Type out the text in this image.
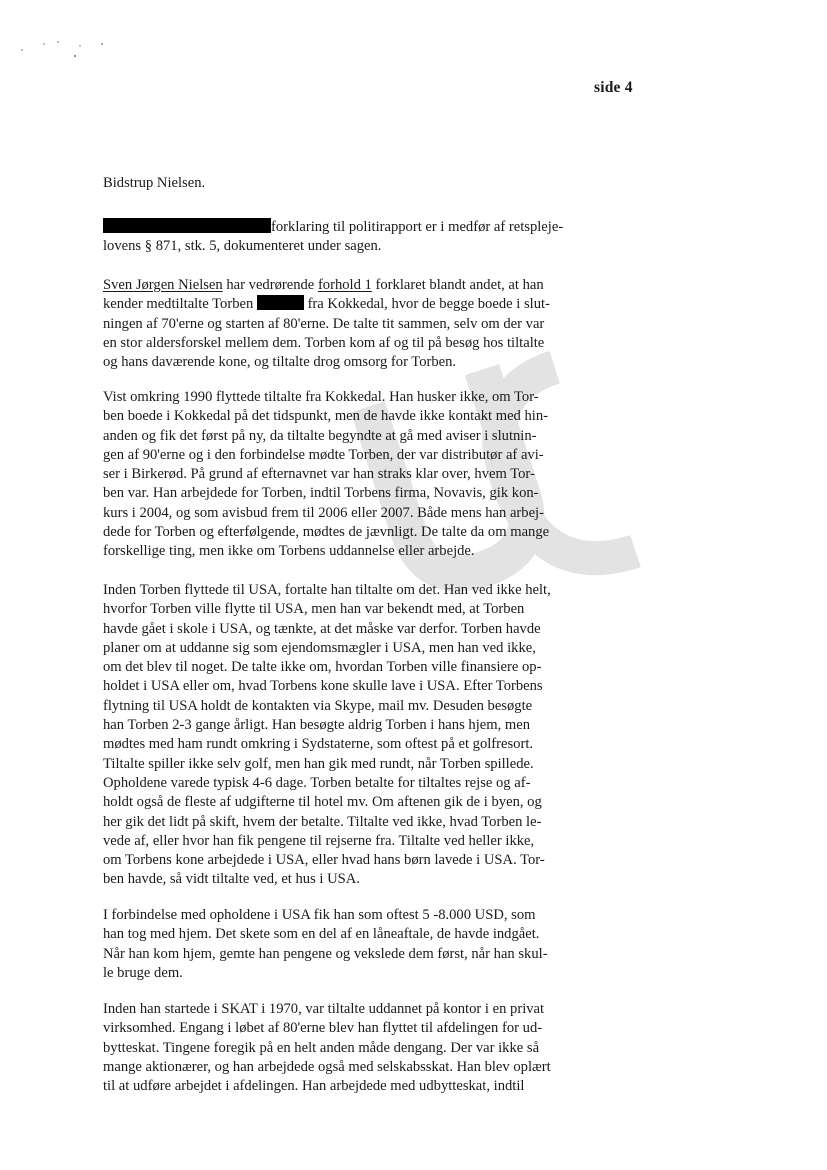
side 4
Bidstrup Nielsen.
forklaring til politirapport er i medfør af retspleje-
lovens § 871, stk. 5, dokumenteret under sagen.
Sven Jørgen Nielsen har vedrørende forhold 1 forklaret blandt andet, at han
kender medtiltalte Torben	fra Kokkedal, hvor de begge boede i slut-
ningen af 70'erne og starten af 80'erne. De talte tit sammen, selv om der var
en stor aldersforskel mellem dem. Torben kom af og til på besøg hos tiltalte
og hans daværende kone, og tiltalte drog omsorg for Torben.
Vist omkring 1990 flyttede tiltalte fra Kokkedal. Han husker ikke, om Tor-
ben boede i Kokkedal på det tidspunkt, men de havde ikke kontakt med hin-
anden og fik det først på ny, da tiltalte begyndte at gå med aviser i slutnin-
gen af 90'erne og i den forbindelse mødte Torben, der var distributør af avi-
ser i Birkerød. På grund af efternavnet var han straks klar over, hvem Tor-
ben var. Han arbejdede for Torben, indtil Torbens firma, Novavis, gik kon-
kurs i 2004, og som avisbud frem til 2006 eller 2007. Både mens han arbej-
dede for Torben og efterfølgende, mødtes de jævnligt. De talte da om mange
forskellige ting, men ikke om Torbens uddannelse eller arbejde.
Inden Torben flyttede til USA, fortalte han tiltalte om det. Han ved ikke helt,
hvorfor Torben ville flytte til USA, men han var bekendt med, at Torben
havde gået i skole i USA, og tænkte, at det måske var derfor. Torben havde
planer om at uddanne sig som ejendomsmægler i USA, men han ved ikke,
om det blev til noget. De talte ikke om, hvordan Torben ville finansiere op-
holdet i USA eller om, hvad Torbens kone skulle lave i USA. Efter Torbens
flytning til USA holdt de kontakten via Skype, mail mv. Desuden besøgte
han Torben 2-3 gange årligt. Han besøgte aldrig Torben i hans hjem, men
mødtes med ham rundt omkring i Sydstaterne, som oftest på et golfresort.
Tiltalte spiller ikke selv golf, men han gik med rundt, når Torben spillede.
Opholdene varede typisk 4-6 dage. Torben betalte for tiltaltes rejse og af-
holdt også de fleste af udgifterne til hotel mv. Om aftenen gik de i byen, og
her gik det lidt på skift, hvem der betalte. Tiltalte ved ikke, hvad Torben le-
vede af, eller hvor han fik pengene til rejserne fra. Tiltalte ved heller ikke,
om Torbens kone arbejdede i USA, eller hvad hans børn lavede i USA. Tor-
ben havde, så vidt tiltalte ved, et hus i USA.
I forbindelse med opholdene i USA fik han som oftest 5 -8.000 USD, som
han tog med hjem. Det skete som en del af en låneaftale, de havde indgået.
Når han kom hjem, gemte han pengene og vekslede dem først, når han skul-
le bruge dem.
Inden han startede i SKAT i 1970, var tiltalte uddannet på kontor i en privat
virksomhed. Engang i løbet af 80'erne blev han flyttet til afdelingen for ud-
bytteskat. Tingene foregik på en helt anden måde dengang. Der var ikke så
mange aktionærer, og han arbejdede også med selskabsskat. Han blev oplært
til at udføre arbejdet i afdelingen. Han arbejdede med udbytteskat, indtil
